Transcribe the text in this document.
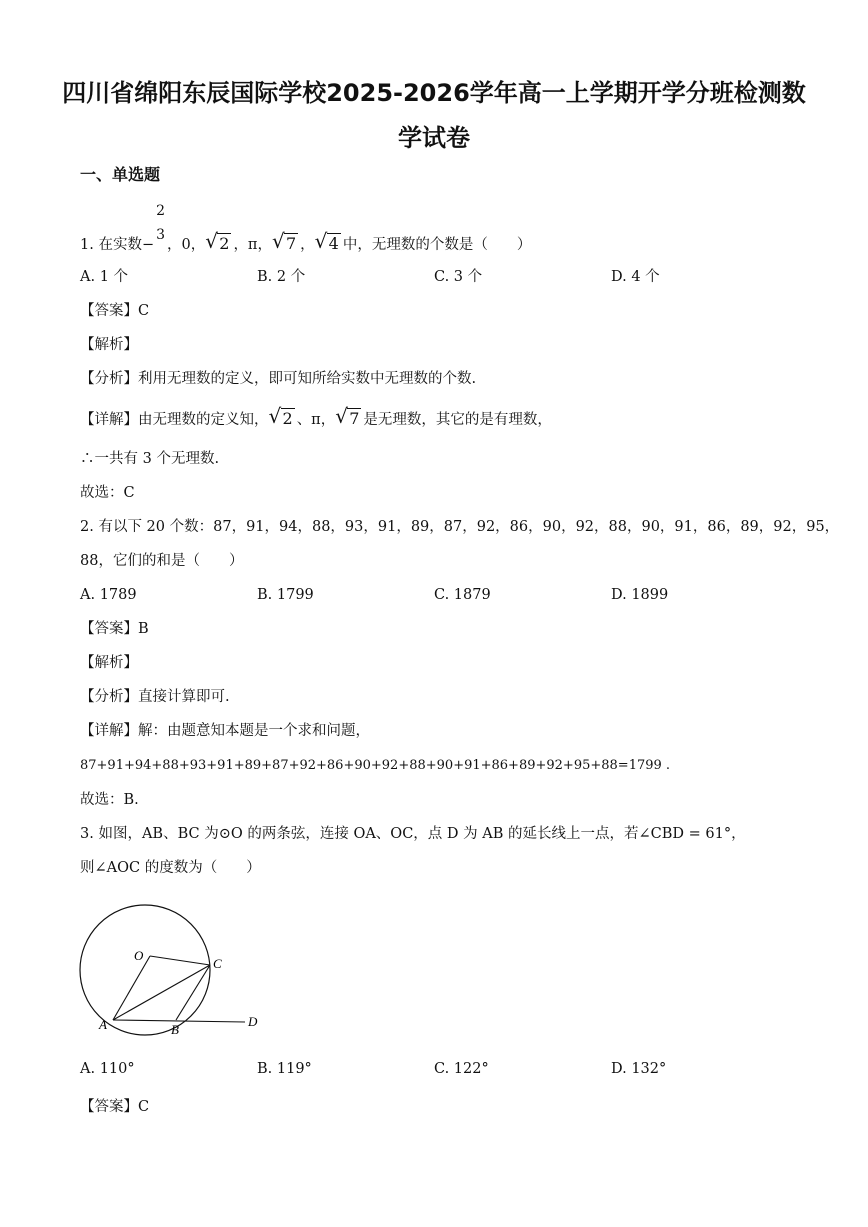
四川省绵阳东辰国际学校2025-2026学年高一上学期开学分班检测数
学试卷
一、单选题
1. 在实数−
2
3
，0， √ 2 ，π， √ 7 ， √ 4 中，无理数的个数是（　　）
A. 1 个	B. 2 个	C. 3 个	D. 4 个
【答案】C
【解析】
【分析】利用无理数的定义，即可知所给实数中无理数的个数.
【详解】由无理数的定义知， √ 2 、π， √ 7 是无理数，其它的是有理数，
∴一共有 3 个无理数.
故选：C
2. 有以下 20 个数：87，91，94，88，93，91，89，87，92，86，90，92，88，90，91，86，89，92，95，
88，它们的和是（　　）
A. 1789	B. 1799	C. 1879	D. 1899
【答案】B
【解析】
【分析】直接计算即可.
【详解】解：由题意知本题是一个求和问题，
87+91+94+88+93+91+89+87+92+86+90+92+88+90+91+86+89+92+95+88=1799 .
故选：B.
3. 如图，AB、BC 为⊙O 的两条弦，连接 OA、OC，点 D 为 AB 的延长线上一点，若∠CBD = 61°，
则∠AOC 的度数为（　　）
O
C
A	B
D
A. 110°	B. 119°	C. 122°	D. 132°
【答案】C
